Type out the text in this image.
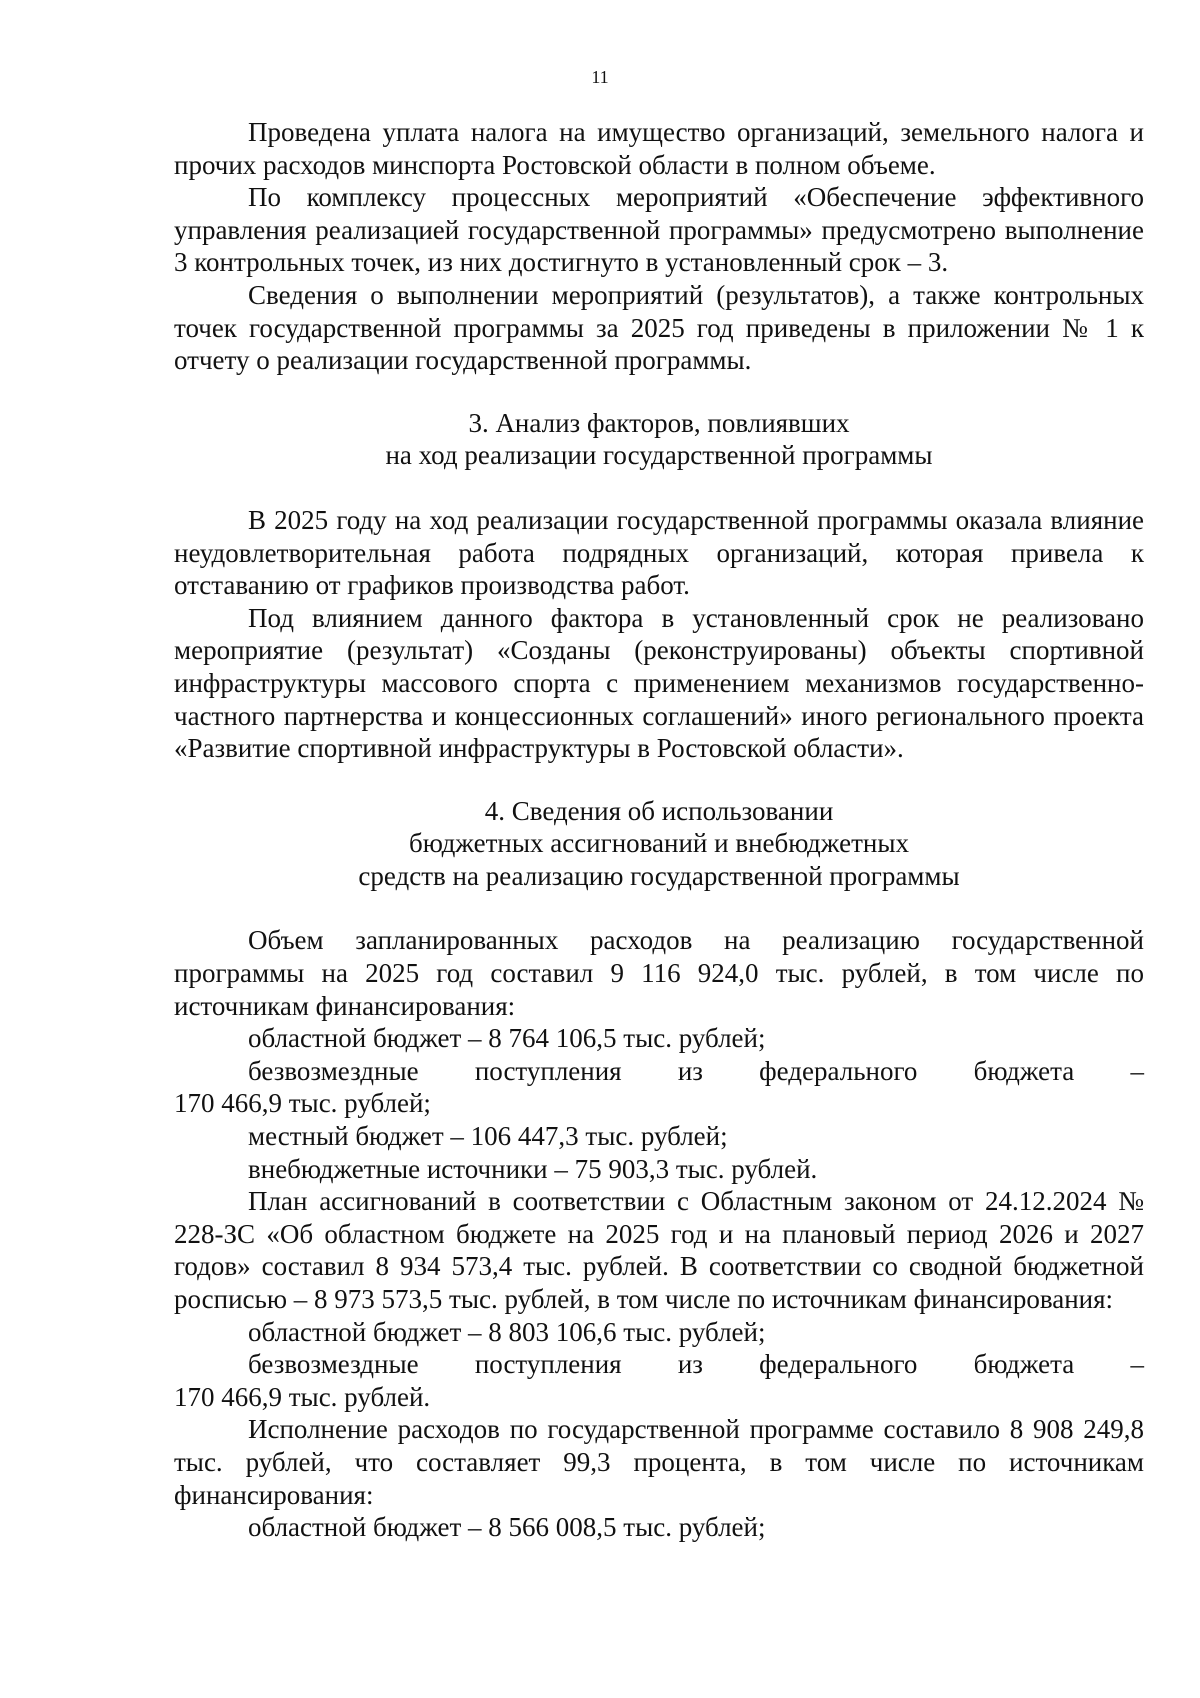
11

Проведена уплата налога на имущество организаций, земельного налога и прочих расходов минспорта Ростовской области в полном объеме.

По комплексу процессных мероприятий «Обеспечение эффективного управления реализацией государственной программы» предусмотрено выполнение 3 контрольных точек, из них достигнуто в установленный срок – 3.

Сведения о выполнении мероприятий (результатов), а также контрольных точек государственной программы за 2025 год приведены в приложении № 1 к отчету о реализации государственной программы.

3. Анализ факторов, повлиявших

на ход реализации государственной программы

В 2025 году на ход реализации государственной программы оказала влияние неудовлетворительная работа подрядных организаций, которая привела к отставанию от графиков производства работ.

Под влиянием данного фактора в установленный срок не реализовано мероприятие (результат) «Созданы (реконструированы) объекты спортивной инфраструктуры массового спорта с применением механизмов государственно-частного партнерства и концессионных соглашений» иного регионального проекта «Развитие спортивной инфраструктуры в Ростовской области».

4. Сведения об использовании

бюджетных ассигнований и внебюджетных

средств на реализацию государственной программы

Объем запланированных расходов на реализацию государственной программы на 2025 год составил 9 116 924,0 тыс. рублей, в том числе по источникам финансирования:

областной бюджет – 8 764 106,5 тыс. рублей;

безвозмездные поступления из федерального бюджета –

170 466,9 тыс. рублей;

местный бюджет – 106 447,3 тыс. рублей;

внебюджетные источники – 75 903,3 тыс. рублей.

План ассигнований в соответствии с Областным законом от 24.12.2024 № 228-ЗС «Об областном бюджете на 2025 год и на плановый период 2026 и 2027 годов» составил 8 934 573,4 тыс. рублей. В соответствии со сводной бюджетной росписью – 8 973 573,5 тыс. рублей, в том числе по источникам финансирования:

областной бюджет – 8 803 106,6 тыс. рублей;

безвозмездные поступления из федерального бюджета –

170 466,9 тыс. рублей.

Исполнение расходов по государственной программе составило 8 908 249,8 тыс. рублей, что составляет 99,3 процента, в том числе по источникам финансирования:

областной бюджет – 8 566 008,5 тыс. рублей;
